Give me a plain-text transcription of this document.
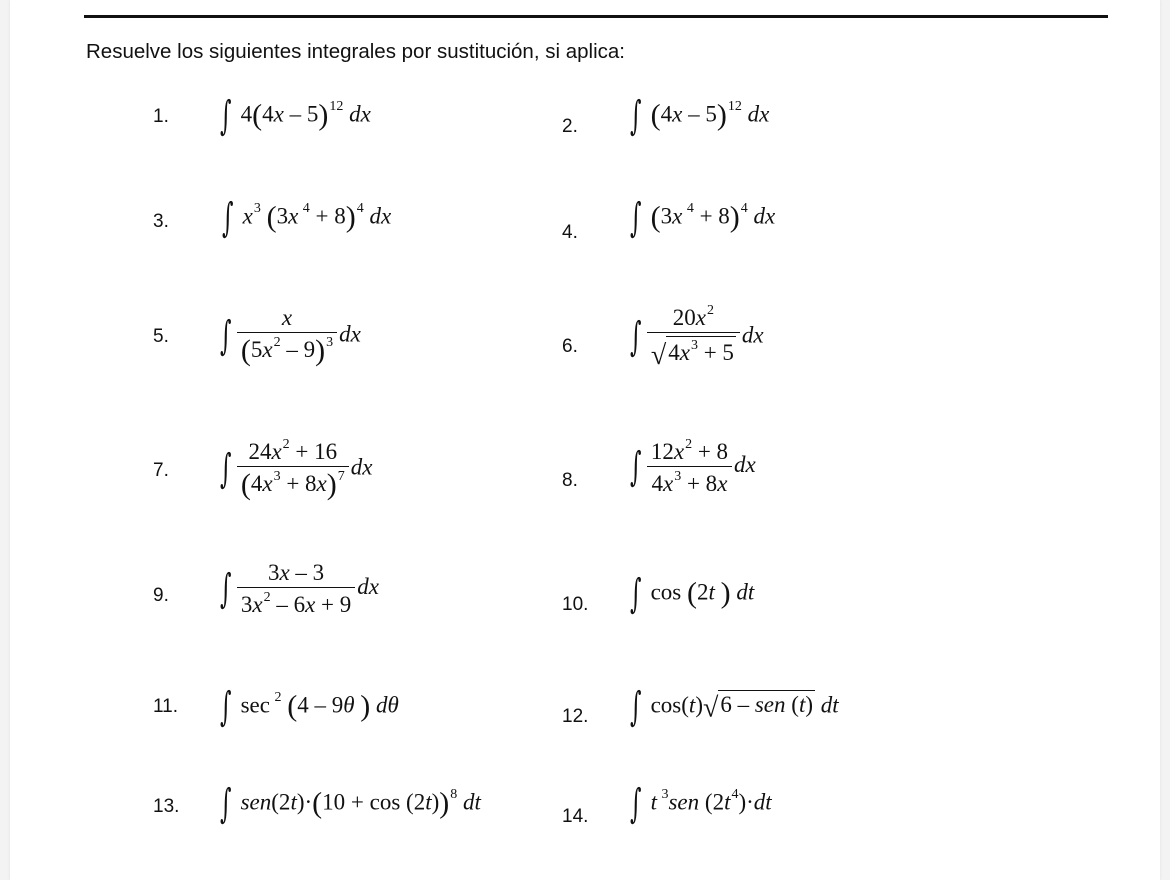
Resuelve los siguientes integrales por sustitución, si aplica:
1. ∫ 4(4x – 5)$^{12}$ dx
2. ∫ (4x – 5)$^{12}$ dx
3. ∫ $x^3$ (3x $^4$ + 8)$^4$ dx
4. ∫ (3x $^4$ + 8)$^4$ dx
5. ∫ $\frac{x}{(5x^2 - 9)^3}$ dx
6. ∫ $\frac{20x^2}{√4x^3 + 5}$ dx
7. ∫ $\frac{24x^2 + 16}{(4x^3 + 8x)^7}$ dx
8. ∫ $\frac{12x^2 + 8}{4x^3 + 8x}$ dx
9. ∫ $\frac{3x - 3}{3x^2 - 6x + 9}$ dx
10. ∫ cos (2t ) dt
11. ∫ sec $^2$ (4 – 9θ ) dθ	12. ∫ cos(t)√6 – sen (t) dt
13. ∫ $sen(2t)\cdot(10 + \cos (2t))^8$ dt
14. ∫ t $^3$sen $(2t^4)\cdot dt$
